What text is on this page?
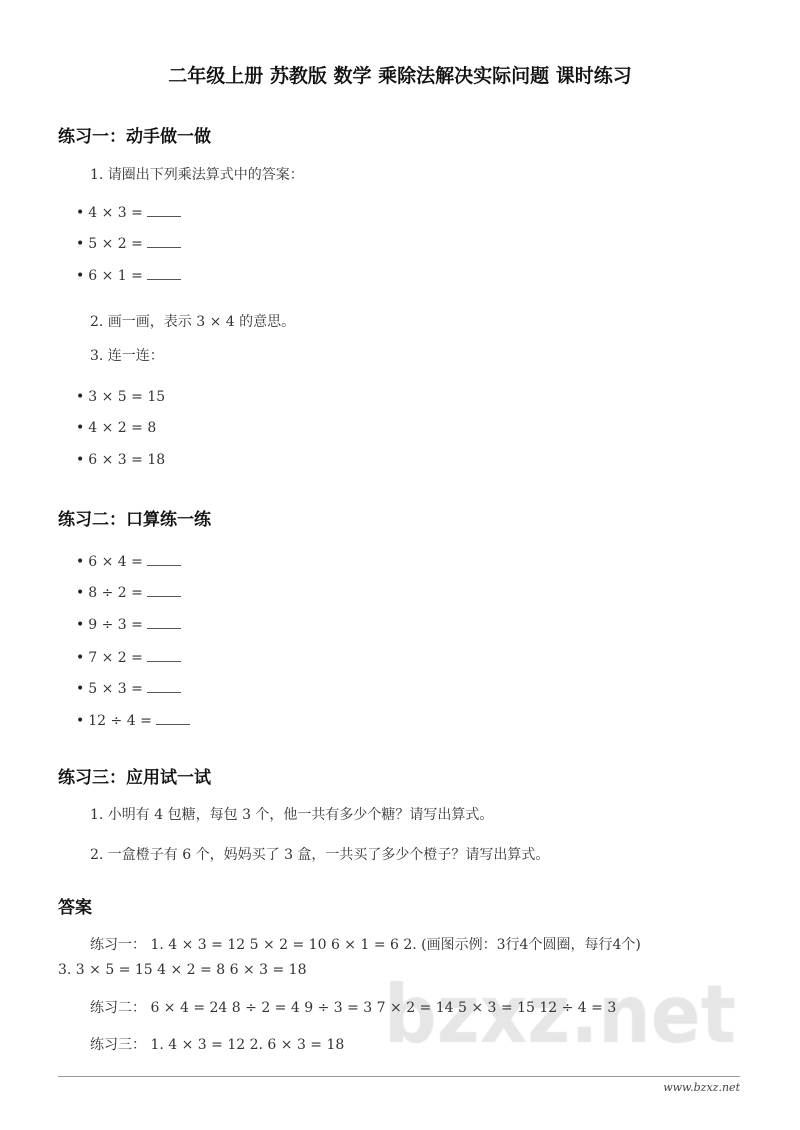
二年级上册 苏教版 数学 乘除法解决实际问题 课时练习
练习一：动手做一做
1. 请圈出下列乘法算式中的答案：
• 4 × 3 =
• 5 × 2 =
• 6 × 1 =
2. 画一画，表示 3 × 4 的意思。
3. 连一连：
• 3 × 5 = 15
• 4 × 2 = 8
• 6 × 3 = 18
练习二：口算练一练
• 6 × 4 =
• 8 ÷ 2 =
• 9 ÷ 3 =
• 7 × 2 =
• 5 × 3 =
• 12 ÷ 4 =
练习三：应用试一试
1. 小明有 4 包糖，每包 3 个，他一共有多少个糖？请写出算式。
2. 一盒橙子有 6 个，妈妈买了 3 盒，一共买了多少个橙子？请写出算式。
答案
练习一： 1. 4 × 3 = 12 5 × 2 = 10 6 × 1 = 6 2. (画图示例：3行4个圆圈，每行4个)
3. 3 × 5 = 15 4 × 2 = 8 6 × 3 = 18
练习二： 6 × 4 = 24 8 ÷ 2 = 4 9 ÷ 3 = 3 7 × 2 = 14 5 × 3 = 15 12 ÷ 4 = 3
练习三： 1. 4 × 3 = 12 2. 6 × 3 = 18
www.bzxz.net
